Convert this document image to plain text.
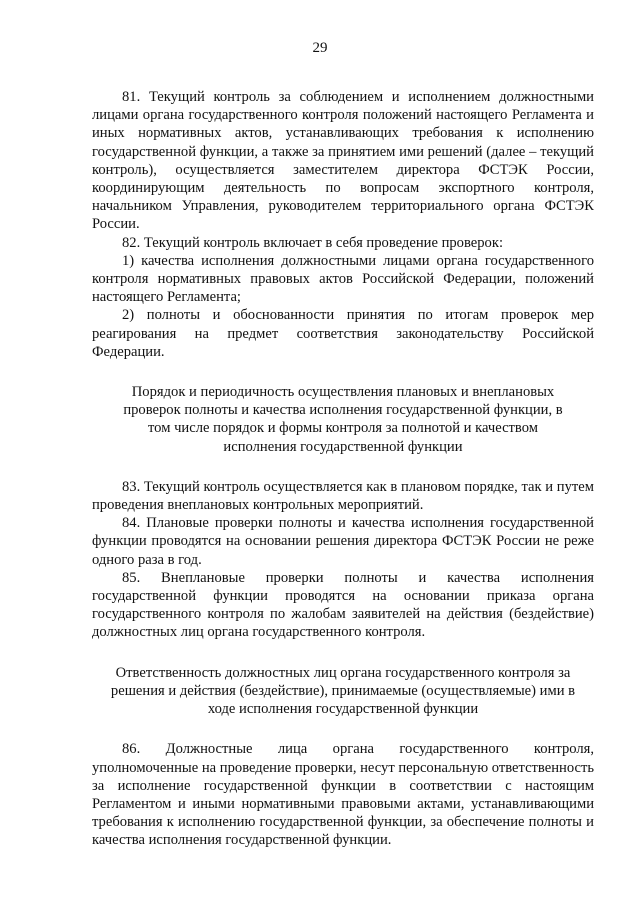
29

81. Текущий контроль за соблюдением и исполнением должностными лицами органа государственного контроля положений настоящего Регламента и иных нормативных актов, устанавливающих требования к исполнению государственной функции, а также за принятием ими решений (далее – текущий контроль), осуществляется заместителем директора ФСТЭК России, координирующим деятельность по вопросам экспортного контроля, начальником Управления, руководителем территориального органа ФСТЭК России.

82. Текущий контроль включает в себя проведение проверок:

1) качества исполнения должностными лицами органа государственного контроля нормативных правовых актов Российской Федерации, положений настоящего Регламента;

2) полноты и обоснованности принятия по итогам проверок мер реагирования на предмет соответствия законодательству Российской Федерации.

Порядок и периодичность осуществления плановых и внеплановых проверок полноты и качества исполнения государственной функции, в том числе порядок и формы контроля за полнотой и качеством исполнения государственной функции

83. Текущий контроль осуществляется как в плановом порядке, так и путем проведения внеплановых контрольных мероприятий.

84. Плановые проверки полноты и качества исполнения государственной функции проводятся на основании решения директора ФСТЭК России не реже одного раза в год.

85. Внеплановые проверки полноты и качества исполнения государственной функции проводятся на основании приказа органа государственного контроля по жалобам заявителей на действия (бездействие) должностных лиц органа государственного контроля.

Ответственность должностных лиц органа государственного контроля за решения и действия (бездействие), принимаемые (осуществляемые) ими в ходе исполнения государственной функции

86. Должностные лица органа государственного контроля, уполномоченные на проведение проверки, несут персональную ответственность за исполнение государственной функции в соответствии с настоящим Регламентом и иными нормативными правовыми актами, устанавливающими требования к исполнению государственной функции, за обеспечение полноты и качества исполнения государственной функции.
